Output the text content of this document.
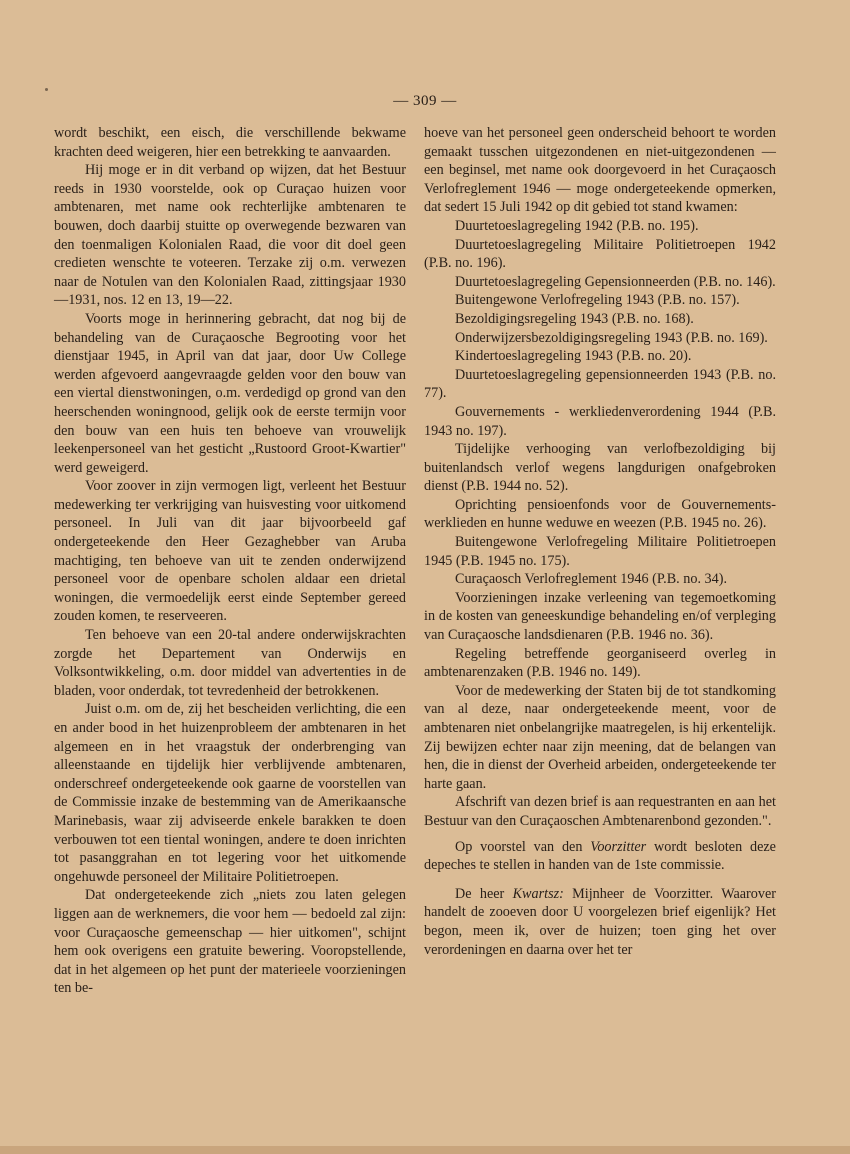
— 309 —

wordt beschikt, een eisch, die verschillende bekwame krachten deed weigeren, hier een betrekking te aanvaarden.

Hij moge er in dit verband op wijzen, dat het Bestuur reeds in 1930 voorstelde, ook op Curaçao huizen voor ambtenaren, met name ook rechterlijke ambtenaren te bouwen, doch daarbij stuitte op overwegende bezwaren van den toenmaligen Kolonialen Raad, die voor dit doel geen credieten wenschte te voteeren. Terzake zij o.m. verwezen naar de Notulen van den Kolonialen Raad, zittingsjaar 1930—1931, nos. 12 en 13, 19—22.

Voorts moge in herinnering gebracht, dat nog bij de behandeling van de Curaçaosche Begrooting voor het dienstjaar 1945, in April van dat jaar, door Uw College werden afgevoerd aangevraagde gelden voor den bouw van een viertal dienstwoningen, o.m. verdedigd op grond van den heerschenden woningnood, gelijk ook de eerste termijn voor den bouw van een huis ten behoeve van vrouwelijk leekenpersoneel van het gesticht „Rustoord Groot-Kwartier" werd geweigerd.

Voor zoover in zijn vermogen ligt, verleent het Bestuur medewerking ter verkrijging van huisvesting voor uitkomend personeel. In Juli van dit jaar bijvoorbeeld gaf ondergeteekende den Heer Gezaghebber van Aruba machtiging, ten behoeve van uit te zenden onderwijzend personeel voor de openbare scholen aldaar een drietal woningen, die vermoedelijk eerst einde September gereed zouden komen, te reserveeren.

Ten behoeve van een 20-tal andere onderwijskrachten zorgde het Departement van Onderwijs en Volksontwikkeling, o.m. door middel van advertenties in de bladen, voor onderdak, tot tevredenheid der betrokkenen.

Juist o.m. om de, zij het bescheiden verlichting, die een en ander bood in het huizenprobleem der ambtenaren in het algemeen en in het vraagstuk der onderbrenging van alleenstaande en tijdelijk hier verblijvende ambtenaren, onderschreef ondergeteekende ook gaarne de voorstellen van de Commissie inzake de bestemming van de Amerikaansche Marinebasis, waar zij adviseerde enkele barakken te doen verbouwen tot een tiental woningen, andere te doen inrichten tot pasanggrahan en tot legering voor het uitkomende ongehuwde personeel der Militaire Politietroepen.

Dat ondergeteekende zich „niets zou laten gelegen liggen aan de werknemers, die voor hem — bedoeld zal zijn: voor Curaçaosche gemeenschap — hier uitkomen", schijnt hem ook overigens een gratuite bewering. Vooropstellende, dat in het algemeen op het punt der materieele voorzieningen ten be-

hoeve van het personeel geen onderscheid behoort te worden gemaakt tusschen uitgezondenen en niet-uitgezondenen — een beginsel, met name ook doorgevoerd in het Curaçaosch Verlofreglement 1946 — moge ondergeteekende opmerken, dat sedert 15 Juli 1942 op dit gebied tot stand kwamen:

Duurtetoeslagregeling 1942 (P.B. no. 195).

Duurtetoeslagregeling Militaire Politietroepen 1942 (P.B. no. 196).

Duurtetoeslagregeling Gepensionneerden (P.B. no. 146).

Buitengewone Verlofregeling 1943 (P.B. no. 157).

Bezoldigingsregeling 1943 (P.B. no. 168).

Onderwijzersbezoldigingsregeling 1943 (P.B. no. 169).

Kindertoeslagregeling 1943 (P.B. no. 20).

Duurtetoeslagregeling gepensionneerden 1943 (P.B. no. 77).

Gouvernements - werkliedenverordening 1944 (P.B. 1943 no. 197).

Tijdelijke verhooging van verlofbezoldiging bij buitenlandsch verlof wegens langdurigen onafgebroken dienst (P.B. 1944 no. 52).

Oprichting pensioenfonds voor de Gouvernements-werklieden en hunne weduwe en weezen (P.B. 1945 no. 26).

Buitengewone Verlofregeling Militaire Politietroepen 1945 (P.B. 1945 no. 175).

Curaçaosch Verlofreglement 1946 (P.B. no. 34).

Voorzieningen inzake verleening van tegemoetkoming in de kosten van geneeskundige behandeling en/of verpleging van Curaçaosche landsdienaren (P.B. 1946 no. 36).

Regeling betreffende georganiseerd overleg in ambtenarenzaken (P.B. 1946 no. 149).

Voor de medewerking der Staten bij de tot standkoming van al deze, naar ondergeteekende meent, voor de ambtenaren niet onbelangrijke maatregelen, is hij erkentelijk. Zij bewijzen echter naar zijn meening, dat de belangen van hen, die in dienst der Overheid arbeiden, ondergeteekende ter harte gaan.

Afschrift van dezen brief is aan requestranten en aan het Bestuur van den Curaçaoschen Ambtenarenbond gezonden.".

Op voorstel van den Voorzitter wordt besloten deze depeches te stellen in handen van de 1ste commissie.

De heer Kwartsz: Mijnheer de Voorzitter. Waarover handelt de zooeven door U voorgelezen brief eigenlijk? Het begon, meen ik, over de huizen; toen ging het over verordeningen en daarna over het ter
